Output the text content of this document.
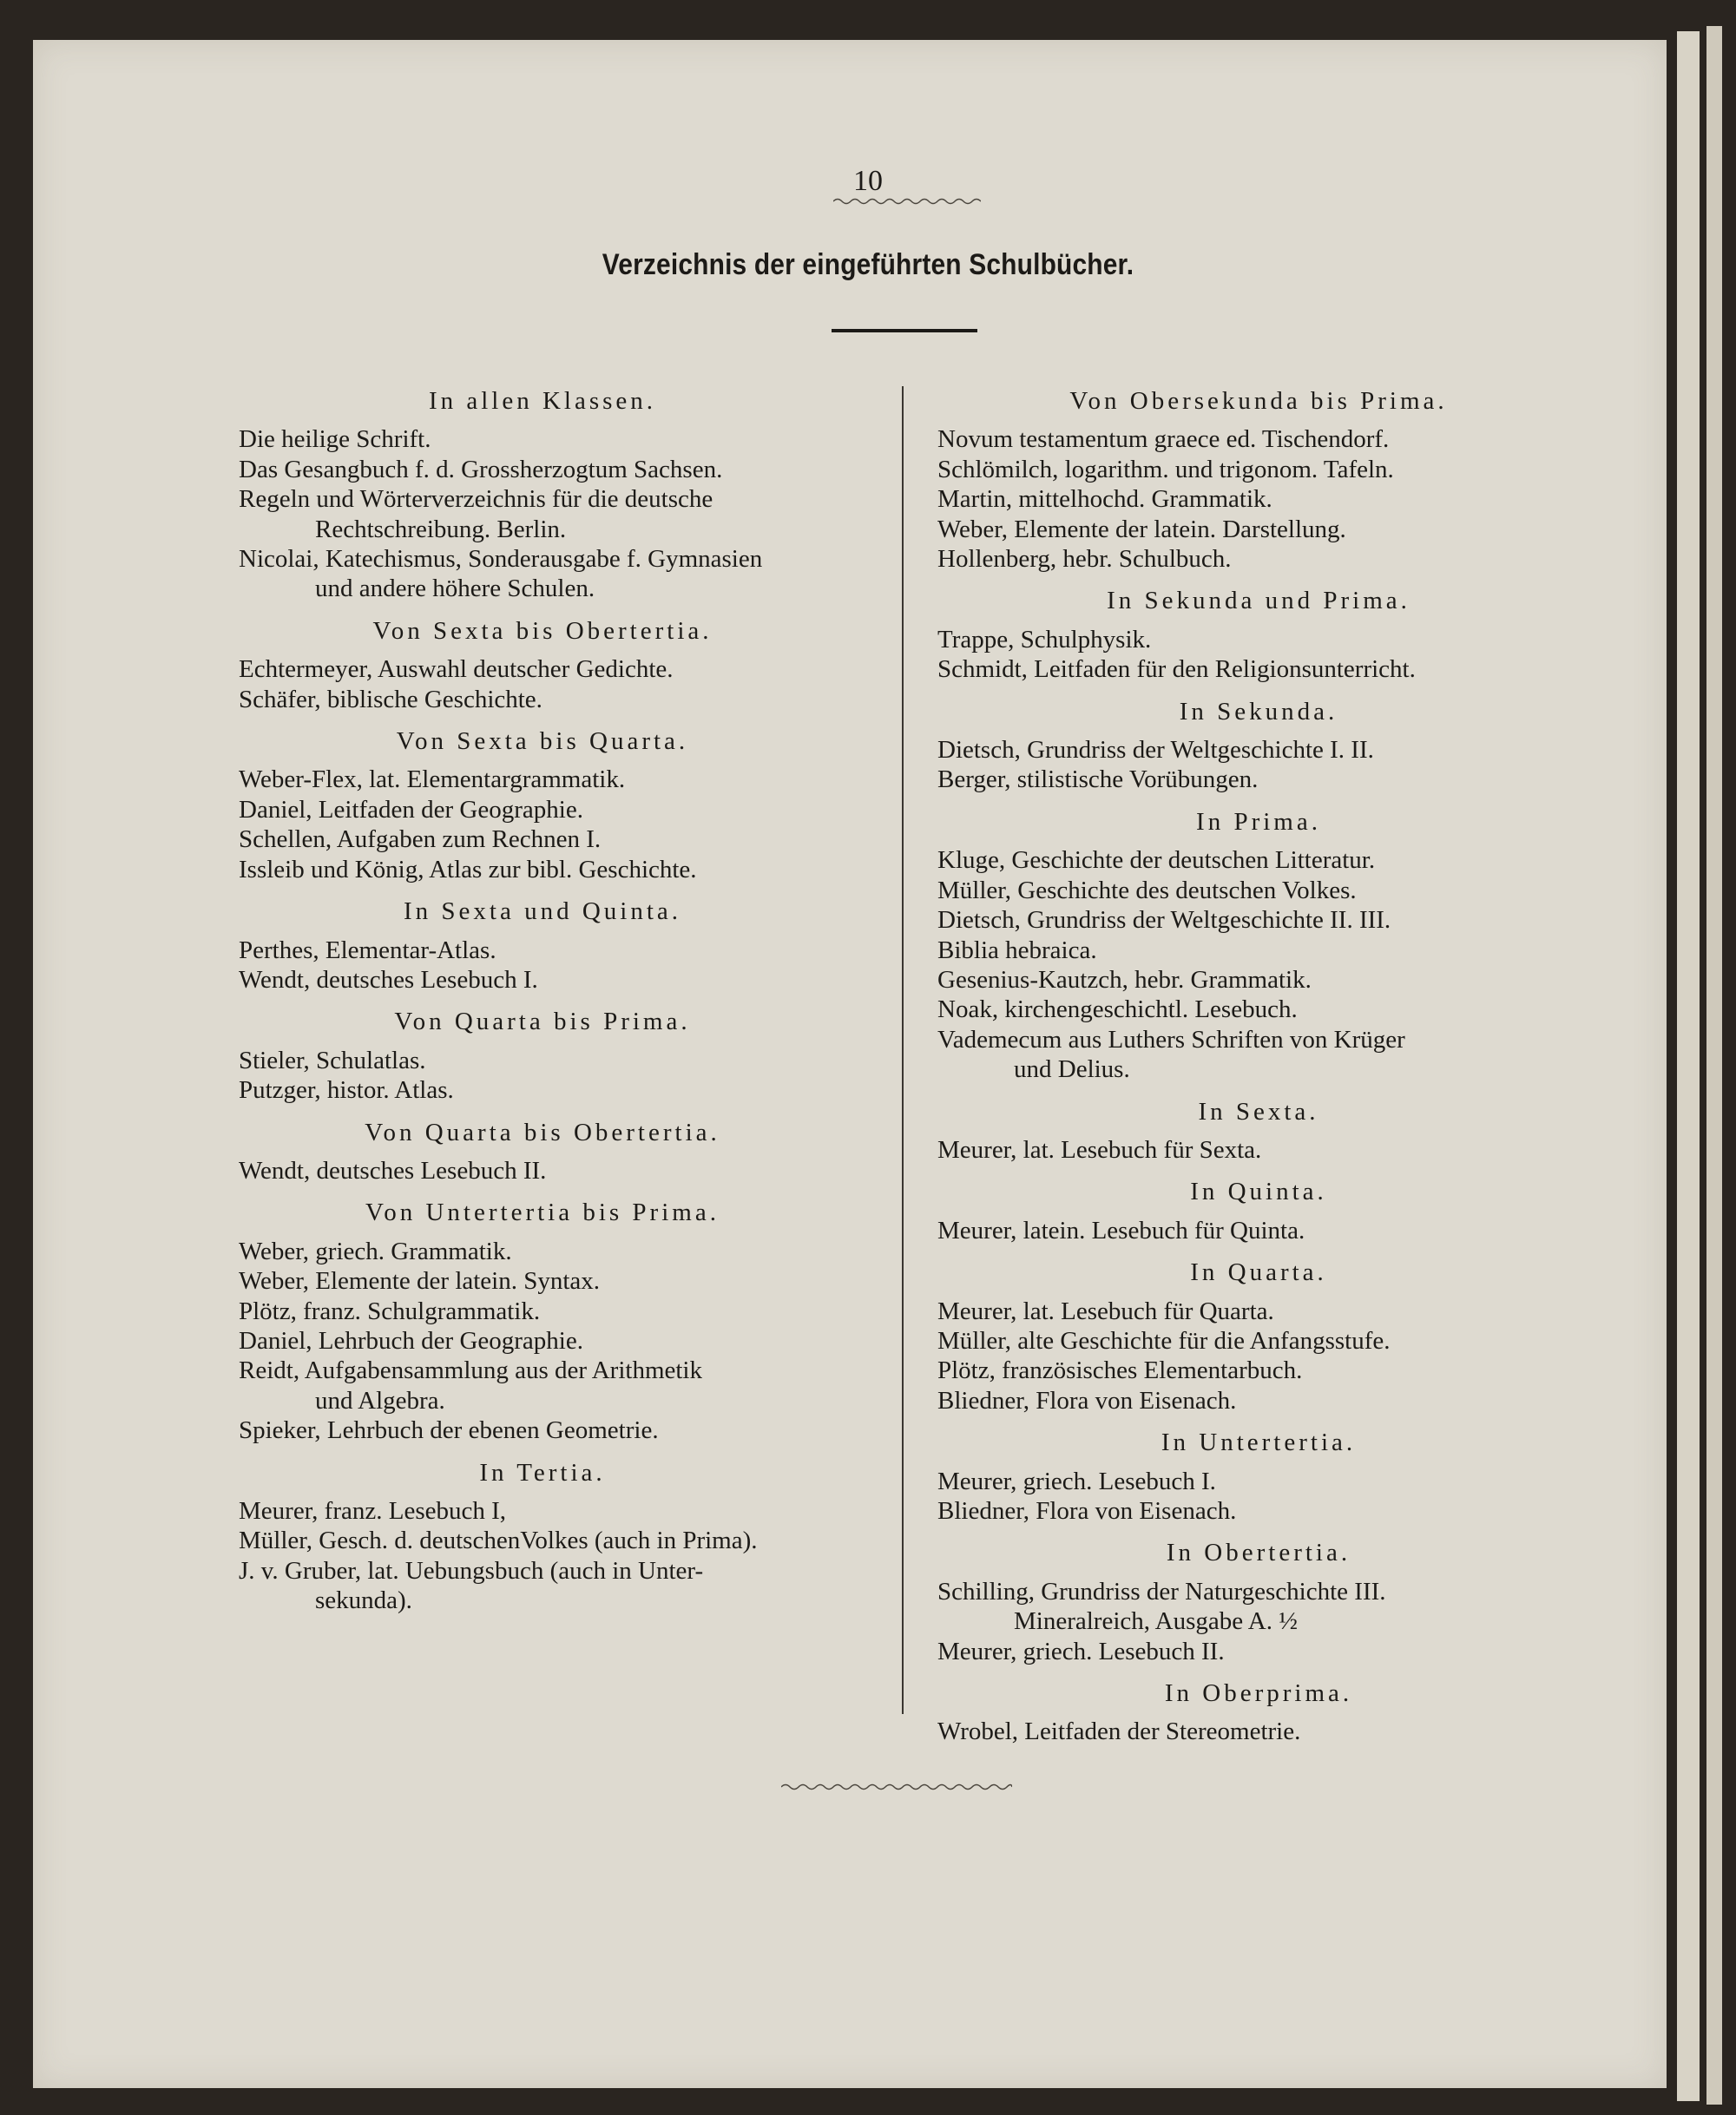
10
Verzeichnis der eingeführten Schulbücher.
In allen Klassen.
Die heilige Schrift.
Das Gesangbuch f. d. Grossherzogtum Sachsen.
Regeln und Wörterverzeichnis für die deutsche
Rechtschreibung. Berlin.
Nicolai, Katechismus, Sonderausgabe f. Gymnasien
und andere höhere Schulen.
Von Sexta bis Obertertia.
Echtermeyer, Auswahl deutscher Gedichte.
Schäfer, biblische Geschichte.
Von Sexta bis Quarta.
Weber-Flex, lat. Elementargrammatik.
Daniel, Leitfaden der Geographie.
Schellen, Aufgaben zum Rechnen I.
Issleib und König, Atlas zur bibl. Geschichte.
In Sexta und Quinta.
Perthes, Elementar-Atlas.
Wendt, deutsches Lesebuch I.
Von Quarta bis Prima.
Stieler, Schulatlas.
Putzger, histor. Atlas.
Von Quarta bis Obertertia.
Wendt, deutsches Lesebuch II.
Von Untertertia bis Prima.
Weber, griech. Grammatik.
Weber, Elemente der latein. Syntax.
Plötz, franz. Schulgrammatik.
Daniel, Lehrbuch der Geographie.
Reidt, Aufgabensammlung aus der Arithmetik
und Algebra.
Spieker, Lehrbuch der ebenen Geometrie.
In Tertia.
Meurer, franz. Lesebuch I,
Müller, Gesch. d. deutschenVolkes (auch in Prima).
J. v. Gruber, lat. Uebungsbuch (auch in Unter-
sekunda).
Von Obersekunda bis Prima.
Novum testamentum graece ed. Tischendorf.
Schlömilch, logarithm. und trigonom. Tafeln.
Martin, mittelhochd. Grammatik.
Weber, Elemente der latein. Darstellung.
Hollenberg, hebr. Schulbuch.
In Sekunda und Prima.
Trappe, Schulphysik.
Schmidt, Leitfaden für den Religionsunterricht.
In Sekunda.
Dietsch, Grundriss der Weltgeschichte I. II.
Berger, stilistische Vorübungen.
In Prima.
Kluge, Geschichte der deutschen Litteratur.
Müller, Geschichte des deutschen Volkes.
Dietsch, Grundriss der Weltgeschichte II. III.
Biblia hebraica.
Gesenius-Kautzch, hebr. Grammatik.
Noak, kirchengeschichtl. Lesebuch.
Vademecum aus Luthers Schriften von Krüger
und Delius.
In Sexta.
Meurer, lat. Lesebuch für Sexta.
In Quinta.
Meurer, latein. Lesebuch für Quinta.
In Quarta.
Meurer, lat. Lesebuch für Quarta.
Müller, alte Geschichte für die Anfangsstufe.
Plötz, französisches Elementarbuch.
Bliedner, Flora von Eisenach.
In Untertertia.
Meurer, griech. Lesebuch I.
Bliedner, Flora von Eisenach.
In Obertertia.
Schilling, Grundriss der Naturgeschichte III.
Mineralreich, Ausgabe A. ½
Meurer, griech. Lesebuch II.
In Oberprima.
Wrobel, Leitfaden der Stereometrie.
